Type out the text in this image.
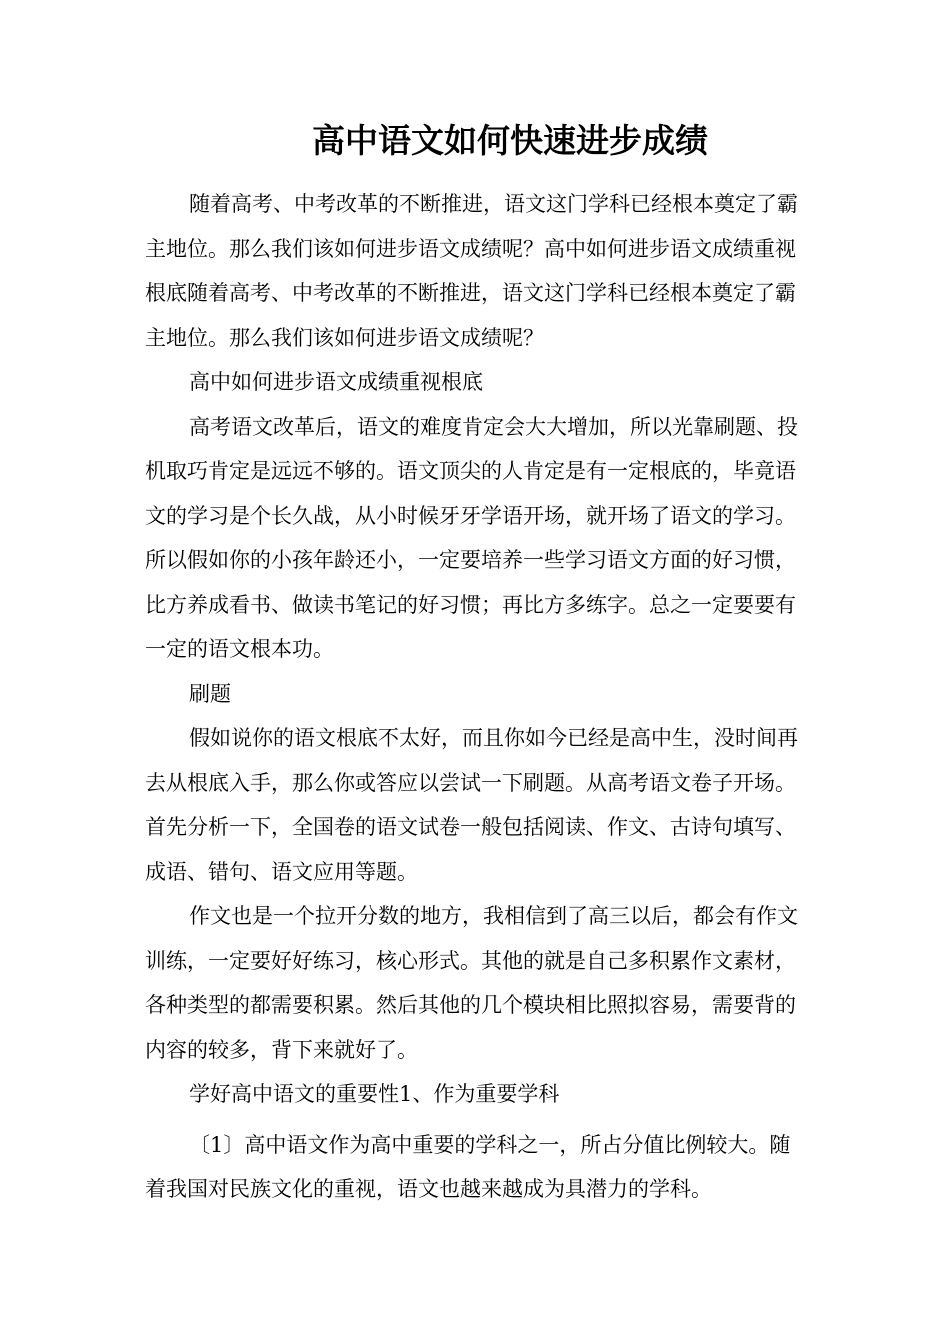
高中语文如何快速进步成绩

随着高考、中考改革的不断推进，语文这门学科已经根本奠定了霸主地位。那么我们该如何进步语文成绩呢？高中如何进步语文成绩重视根底随着高考、中考改革的不断推进，语文这门学科已经根本奠定了霸主地位。那么我们该如何进步语文成绩呢？

高中如何进步语文成绩重视根底

高考语文改革后，语文的难度肯定会大大增加，所以光靠刷题、投机取巧肯定是远远不够的。语文顶尖的人肯定是有一定根底的，毕竟语文的学习是个长久战，从小时候牙牙学语开场，就开场了语文的学习。所以假如你的小孩年龄还小，一定要培养一些学习语文方面的好习惯，比方养成看书、做读书笔记的好习惯；再比方多练字。总之一定要要有一定的语文根本功。

刷题

假如说你的语文根底不太好，而且你如今已经是高中生，没时间再去从根底入手，那么你或答应以尝试一下刷题。从高考语文卷子开场。首先分析一下，全国卷的语文试卷一般包括阅读、作文、古诗句填写、成语、错句、语文应用等题。

作文也是一个拉开分数的地方，我相信到了高三以后，都会有作文训练，一定要好好练习，核心形式。其他的就是自己多积累作文素材，各种类型的都需要积累。然后其他的几个模块相比照拟容易，需要背的内容的较多，背下来就好了。

学好高中语文的重要性1、作为重要学科

〔1〕高中语文作为高中重要的学科之一，所占分值比例较大。随着我国对民族文化的重视，语文也越来越成为具潜力的学科。
